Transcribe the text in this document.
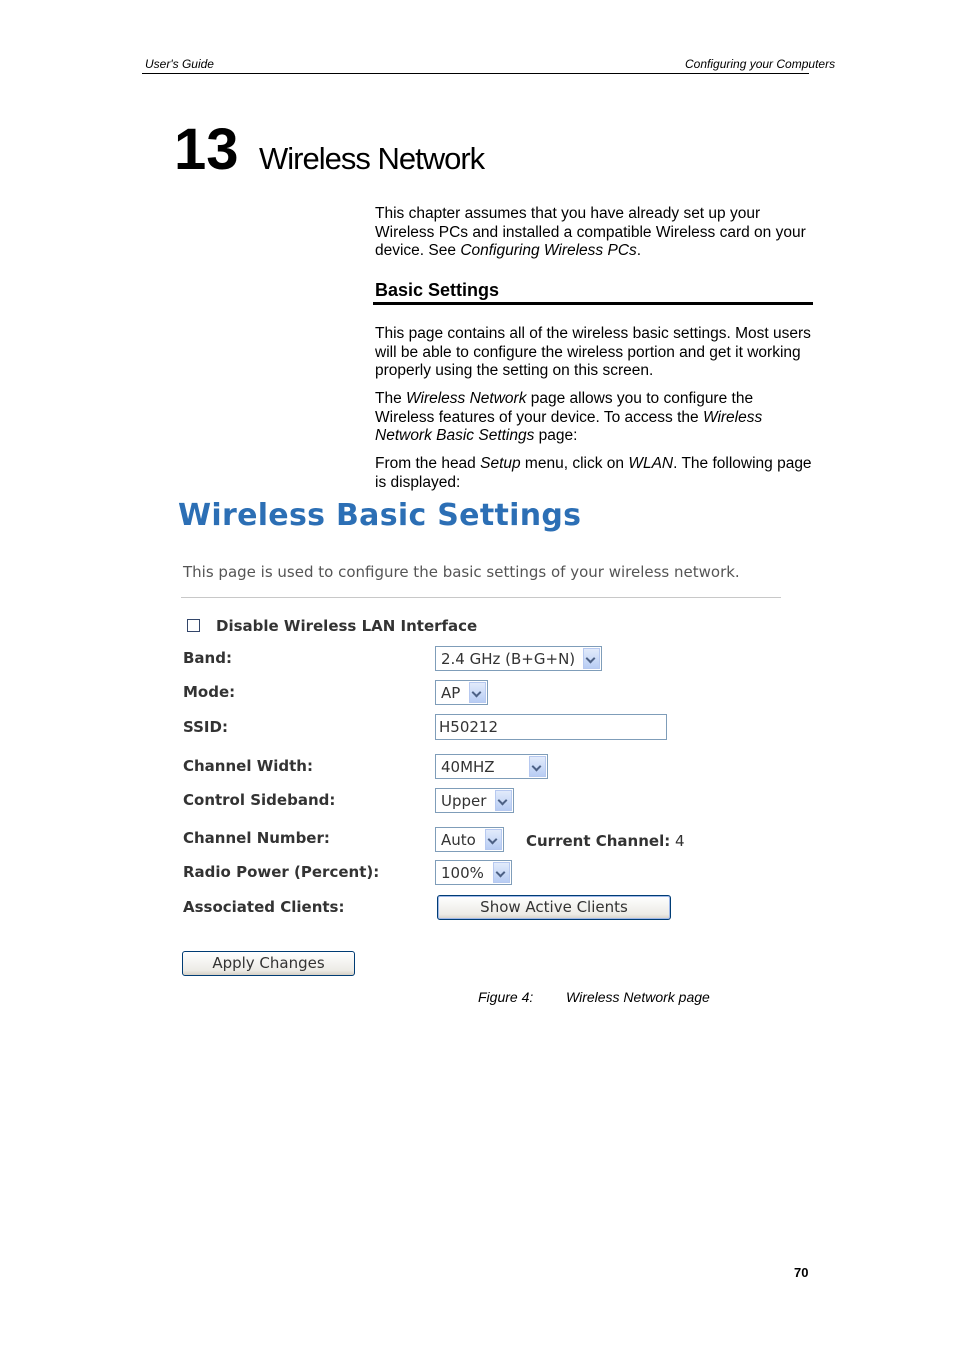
User's Guide	Configuring your Computers
13 Wireless Network
This chapter assumes that you have already set up your Wireless PCs and installed a compatible Wireless card on your device. See Configuring Wireless PCs.
Basic Settings
This page contains all of the wireless basic settings. Most users will be able to configure the wireless portion and get it working properly using the setting on this screen.
The Wireless Network page allows you to configure the Wireless features of your device. To access the Wireless Network Basic Settings page:
From the head Setup menu, click on WLAN. The following page is displayed:
Wireless Basic Settings
This page is used to configure the basic settings of your wireless network.
Disable Wireless LAN Interface
Band:	2.4 GHz (B+G+N)
Mode:	AP
SSID:	H50212
Channel Width:	40MHZ
Control Sideband:	Upper
Channel Number:	Auto	Current Channel: 4
Radio Power (Percent):	100%
Associated Clients:	Show Active Clients
Apply Changes
Figure 4: Wireless Network page
70
